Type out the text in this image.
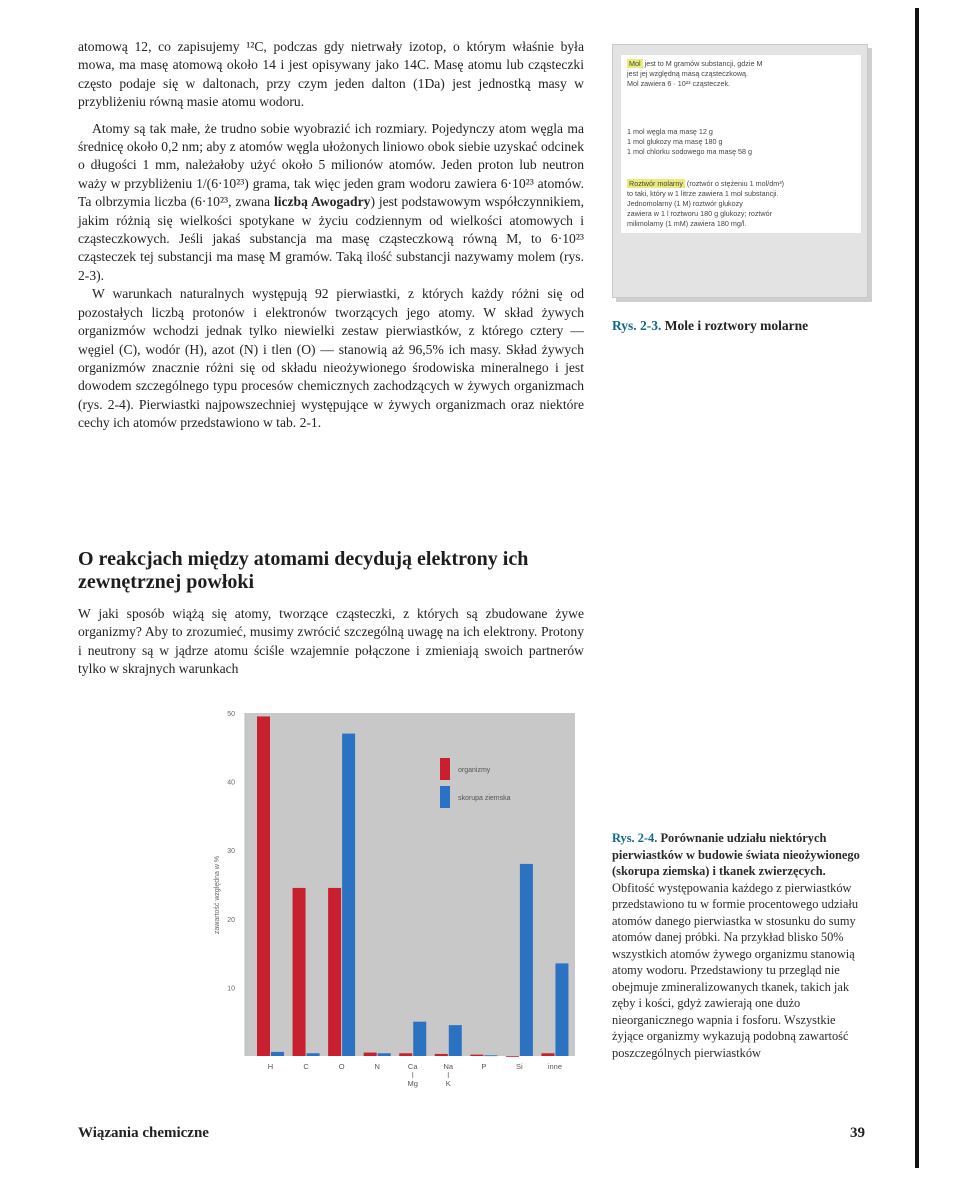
atomową 12, co zapisujemy ¹²C, podczas gdy nietrwały izotop, o którym właśnie była mowa, ma masę atomową około 14 i jest opisywany jako 14C. Masę atomu lub cząsteczki często podaje się w daltonach, przy czym jeden dalton (1Da) jest jednostką masy w przybliżeniu równą masie atomu wodoru.

Atomy są tak małe, że trudno sobie wyobrazić ich rozmiary. Pojedynczy atom węgla ma średnicę około 0,2 nm; aby z atomów węgla ułożonych liniowo obok siebie uzyskać odcinek o długości 1 mm, należałoby użyć około 5 milionów atomów. Jeden proton lub neutron waży w przybliżeniu 1/(6·10²³) grama, tak więc jeden gram wodoru zawiera 6·10²³ atomów. Ta olbrzymia liczba (6·10²³, zwana liczbą Awogadry) jest podstawowym współczynnikiem, jakim różnią się wielkości spotykane w życiu codziennym od wielkości atomowych i cząsteczkowych. Jeśli jakaś substancja ma masę cząsteczkową równą M, to 6·10²³ cząsteczek tej substancji ma masę M gramów. Taką ilość substancji nazywamy molem (rys. 2-3).

W warunkach naturalnych występują 92 pierwiastki, z których każdy różni się od pozostałych liczbą protonów i elektronów tworzących jego atomy. W skład żywych organizmów wchodzi jednak tylko niewielki zestaw pierwiastków, z którego cztery — węgiel (C), wodór (H), azot (N) i tlen (O) — stanowią aż 96,5% ich masy. Skład żywych organizmów znacznie różni się od składu nieożywionego środowiska mineralnego i jest dowodem szczególnego typu procesów chemicznych zachodzących w żywych organizmach (rys. 2-4). Pierwiastki najpowszechniej występujące w żywych organizmach oraz niektóre cechy ich atomów przedstawiono w tab. 2-1.

O reakcjach między atomami decydują elektrony ich zewnętrznej powłoki

W jaki sposób wiążą się atomy, tworzące cząsteczki, z których są zbudowane żywe organizmy? Aby to zrozumieć, musimy zwrócić szczególną uwagę na ich elektrony. Protony i neutrony są w jądrze atomu ściśle wzajemnie połączone i zmieniają swoich partnerów tylko w skrajnych warunkach

Mol jest to M gramów substancji, gdzie M
jest jej względną masą cząsteczkową.
Mol zawiera 6 · 10²³ cząsteczek.
1 mol węgla ma masę 12 g
1 mol glukozy ma masę 180 g
1 mol chlorku sodowego ma masę 58 g
Roztwór molarny (roztwór o stężeniu 1 mol/dm³)
to taki, który w 1 litrze zawiera 1 mol substancji.
Jednomolarny (1 M) roztwór glukozy
zawiera w 1 l roztworu 180 g glukozy; roztwór
milimolarny (1 mM) zawiera 180 mg/l.
Rys. 2-3. Mole i roztwory molarne
10
20
30
40
50
H	C	O	N	Ca
Mg
Na
K
P	Si	inne
zawartość względna w %
organizmy
skorupa ziemska
Rys. 2-4. Porównanie udziału niektórych pierwiastków w budowie świata nieożywionego (skorupa ziemska) i tkanek zwierzęcych. Obfitość występowania każdego z pierwiastków przedstawiono tu w formie procentowego udziału atomów danego pierwiastka w stosunku do sumy atomów danej próbki. Na przykład blisko 50% wszystkich atomów żywego organizmu stanowią atomy wodoru. Przedstawiony tu przegląd nie obejmuje zmineralizowanych tkanek, takich jak zęby i kości, gdyż zawierają one dużo nieorganicznego wapnia i fosforu. Wszystkie żyjące organizmy wykazują podobną zawartość poszczególnych pierwiastków
Wiązania chemiczne	39
